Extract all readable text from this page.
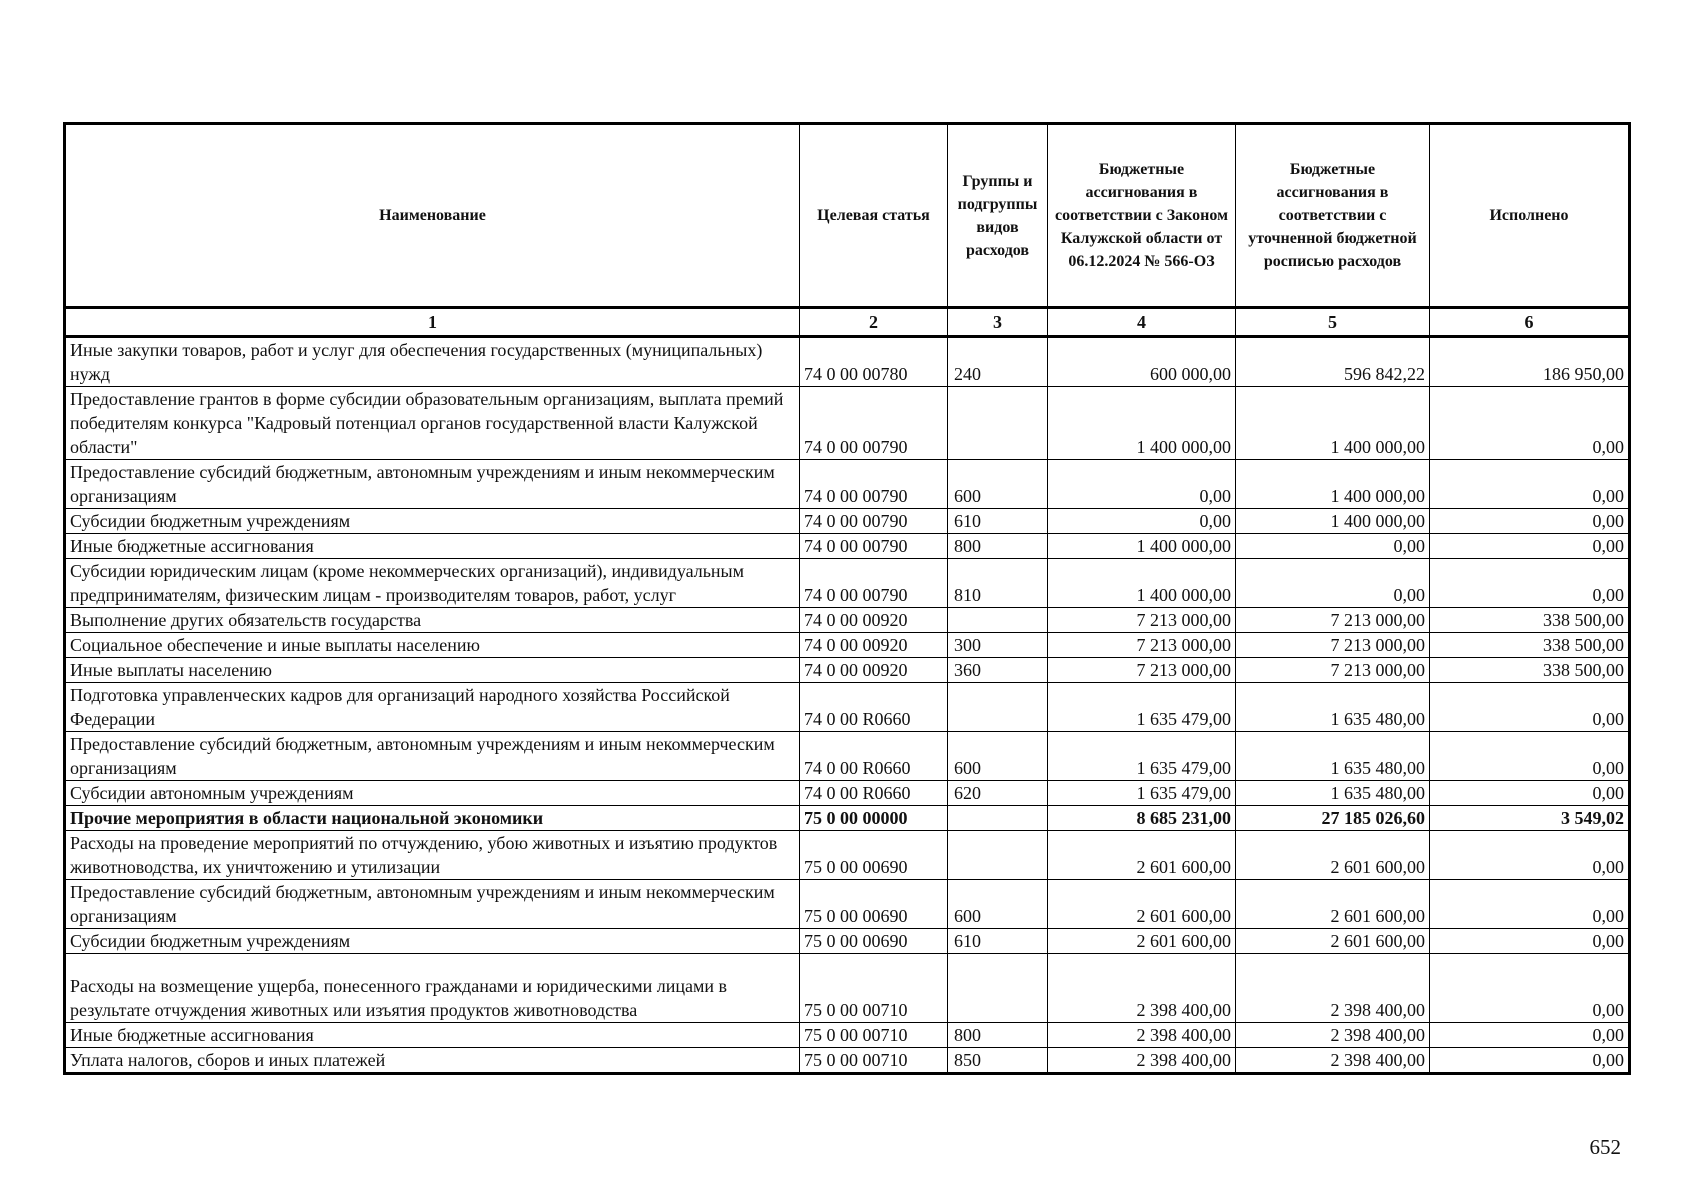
Наименование	Целевая статья	Группы и подгруппы видов расходов	Бюджетные ассигнования в соответствии с Законом Калужской области от 06.12.2024 № 566-ОЗ	Бюджетные ассигнования в соответствии с уточненной бюджетной росписью расходов	Исполнено
1	2	3	4	5	6
Иные закупки товаров, работ и услуг для обеспечения государственных (муниципальных) нужд	74 0 00 00780	240	600 000,00	596 842,22	186 950,00
Предоставление грантов в форме субсидии образовательным организациям, выплата премий победителям конкурса "Кадровый потенциал органов государственной власти Калужской области"	74 0 00 00790		1 400 000,00	1 400 000,00	0,00
Предоставление субсидий бюджетным, автономным учреждениям и иным некоммерческим организациям	74 0 00 00790	600	0,00	1 400 000,00	0,00
Субсидии бюджетным учреждениям	74 0 00 00790	610	0,00	1 400 000,00	0,00
Иные бюджетные ассигнования	74 0 00 00790	800	1 400 000,00	0,00	0,00
Субсидии юридическим лицам (кроме некоммерческих организаций), индивидуальным предпринимателям, физическим лицам - производителям товаров, работ, услуг	74 0 00 00790	810	1 400 000,00	0,00	0,00
Выполнение других обязательств государства	74 0 00 00920		7 213 000,00	7 213 000,00	338 500,00
Социальное обеспечение и иные выплаты населению	74 0 00 00920	300	7 213 000,00	7 213 000,00	338 500,00
Иные выплаты населению	74 0 00 00920	360	7 213 000,00	7 213 000,00	338 500,00
Подготовка управленческих кадров для организаций народного хозяйства Российской Федерации	74 0 00 R0660		1 635 479,00	1 635 480,00	0,00
Предоставление субсидий бюджетным, автономным учреждениям и иным некоммерческим организациям	74 0 00 R0660	600	1 635 479,00	1 635 480,00	0,00
Субсидии автономным учреждениям	74 0 00 R0660	620	1 635 479,00	1 635 480,00	0,00
Прочие мероприятия в области национальной экономики	75 0 00 00000		8 685 231,00	27 185 026,60	3 549,02
Расходы на проведение мероприятий по отчуждению, убою животных и изъятию продуктов животноводства, их уничтожению и утилизации	75 0 00 00690		2 601 600,00	2 601 600,00	0,00
Предоставление субсидий бюджетным, автономным учреждениям и иным некоммерческим организациям	75 0 00 00690	600	2 601 600,00	2 601 600,00	0,00
Субсидии бюджетным учреждениям	75 0 00 00690	610	2 601 600,00	2 601 600,00	0,00
Расходы на возмещение ущерба, понесенного гражданами и юридическими лицами в результате отчуждения животных или изъятия продуктов животноводства	75 0 00 00710		2 398 400,00	2 398 400,00	0,00
Иные бюджетные ассигнования	75 0 00 00710	800	2 398 400,00	2 398 400,00	0,00
Уплата налогов, сборов и иных платежей	75 0 00 00710	850	2 398 400,00	2 398 400,00	0,00
652
